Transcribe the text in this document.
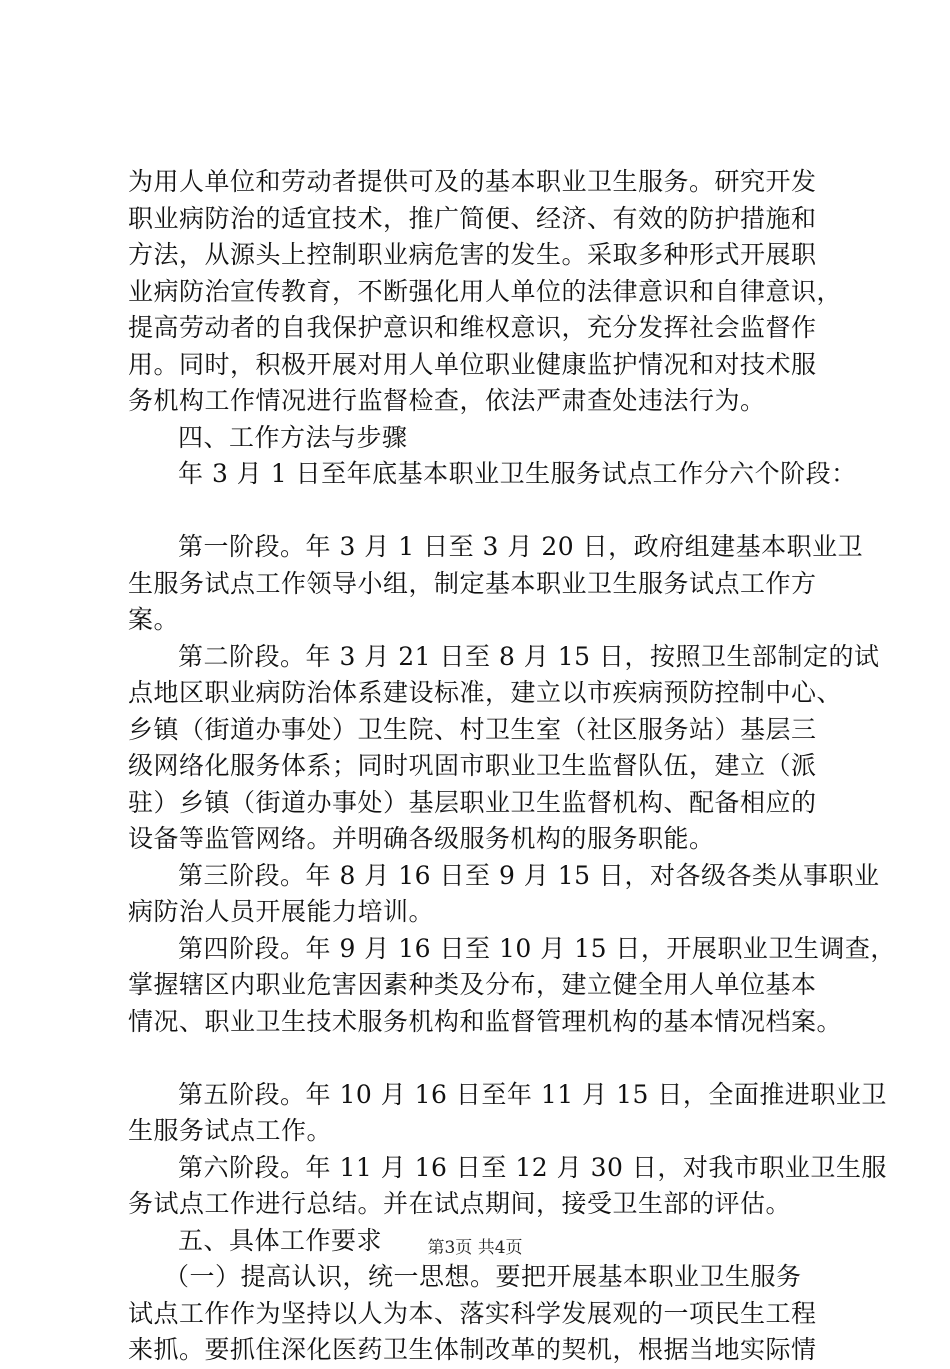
为用人单位和劳动者提供可及的基本职业卫生服务。研究开发
职业病防治的适宜技术，推广简便、经济、有效的防护措施和
方法，从源头上控制职业病危害的发生。采取多种形式开展职
业病防治宣传教育，不断强化用人单位的法律意识和自律意识，
提高劳动者的自我保护意识和维权意识，充分发挥社会监督作
用。同时，积极开展对用人单位职业健康监护情况和对技术服
务机构工作情况进行监督检查，依法严肃查处违法行为。
四、工作方法与步骤
年 3 月 1 日至年底基本职业卫生服务试点工作分六个阶段：
第一阶段。年 3 月 1 日至 3 月 20 日，政府组建基本职业卫
生服务试点工作领导小组，制定基本职业卫生服务试点工作方
案。
第二阶段。年 3 月 21 日至 8 月 15 日，按照卫生部制定的试
点地区职业病防治体系建设标准，建立以市疾病预防控制中心、
乡镇（街道办事处）卫生院、村卫生室（社区服务站）基层三
级网络化服务体系；同时巩固市职业卫生监督队伍，建立（派
驻）乡镇（街道办事处）基层职业卫生监督机构、配备相应的
设备等监管网络。并明确各级服务机构的服务职能。
第三阶段。年 8 月 16 日至 9 月 15 日，对各级各类从事职业
病防治人员开展能力培训。
第四阶段。年 9 月 16 日至 10 月 15 日，开展职业卫生调查，
掌握辖区内职业危害因素种类及分布，建立健全用人单位基本
情况、职业卫生技术服务机构和监督管理机构的基本情况档案。
第五阶段。年 10 月 16 日至年 11 月 15 日，全面推进职业卫
生服务试点工作。
第六阶段。年 11 月 16 日至 12 月 30 日，对我市职业卫生服
务试点工作进行总结。并在试点期间，接受卫生部的评估。
五、具体工作要求
（一）提高认识，统一思想。要把开展基本职业卫生服务
试点工作作为坚持以人为本、落实科学发展观的一项民生工程
来抓。要抓住深化医药卫生体制改革的契机，根据当地实际情
第3页 共4页
